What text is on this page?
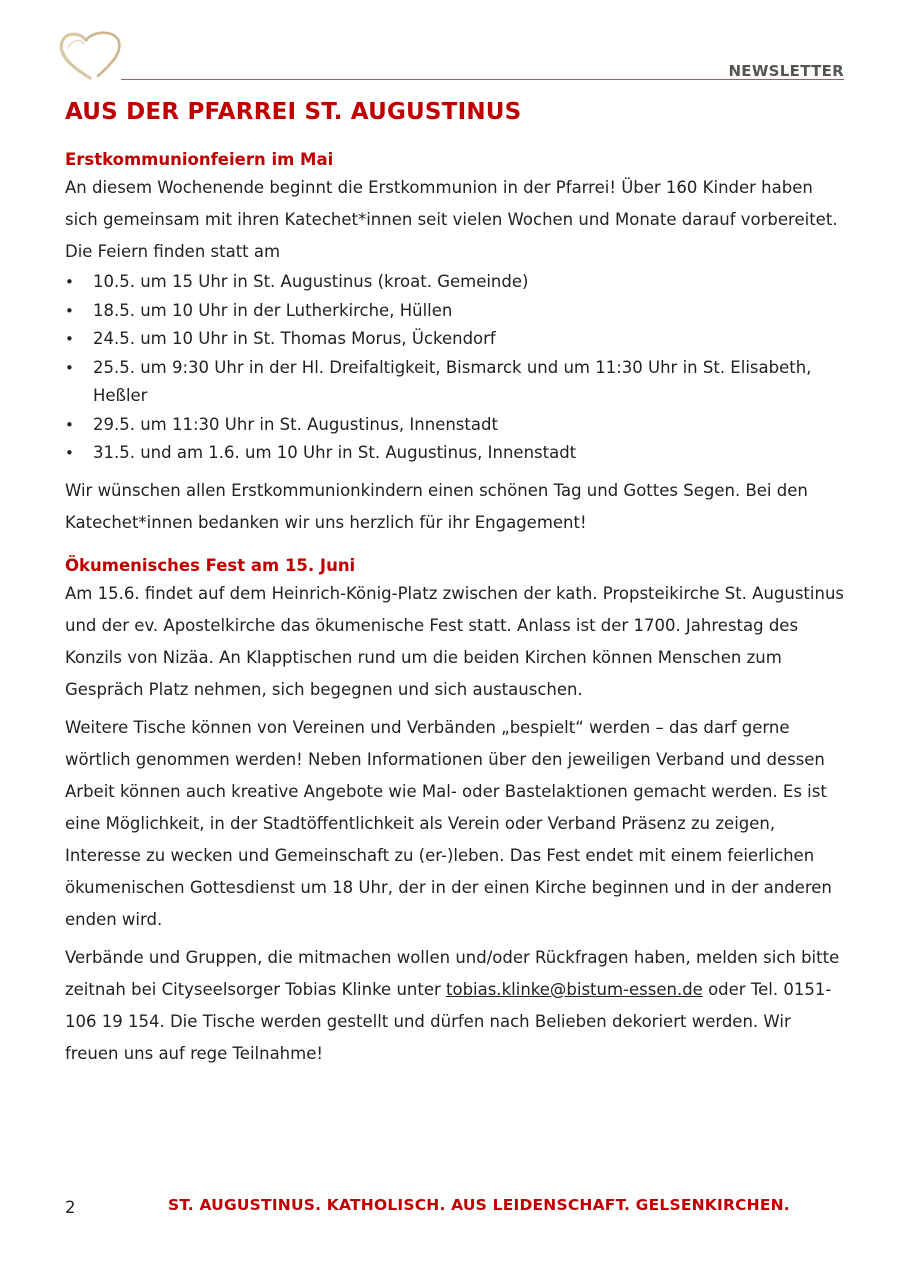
NEWSLETTER
AUS DER PFARREI ST. AUGUSTINUS
Erstkommunionfeiern im Mai

An diesem Wochenende beginnt die Erstkommunion in der Pfarrei! Über 160 Kinder haben sich gemeinsam mit ihren Katechet*innen seit vielen Wochen und Monate darauf vorbereitet. Die Feiern finden statt am

• 10.5. um 15 Uhr in St. Augustinus (kroat. Gemeinde)
• 18.5. um 10 Uhr in der Lutherkirche, Hüllen
• 24.5. um 10 Uhr in St. Thomas Morus, Ückendorf
• 25.5. um 9:30 Uhr in der Hl. Dreifaltigkeit, Bismarck und um 11:30 Uhr in St. Elisabeth, Heßler
• 29.5. um 11:30 Uhr in St. Augustinus, Innenstadt
• 31.5. und am 1.6. um 10 Uhr in St. Augustinus, Innenstadt

Wir wünschen allen Erstkommunionkindern einen schönen Tag und Gottes Segen. Bei den Katechet*innen bedanken wir uns herzlich für ihr Engagement!

Ökumenisches Fest am 15. Juni

Am 15.6. findet auf dem Heinrich-König-Platz zwischen der kath. Propsteikirche St. Augustinus und der ev. Apostelkirche das ökumenische Fest statt. Anlass ist der 1700. Jahrestag des Konzils von Nizäa. An Klapptischen rund um die beiden Kirchen können Menschen zum Gespräch Platz nehmen, sich begegnen und sich austauschen.

Weitere Tische können von Vereinen und Verbänden „bespielt“ werden – das darf gerne wörtlich genommen werden! Neben Informationen über den jeweiligen Verband und dessen Arbeit können auch kreative Angebote wie Mal- oder Bastelaktionen gemacht werden. Es ist eine Möglichkeit, in der Stadtöffentlichkeit als Verein oder Verband Präsenz zu zeigen, Interesse zu wecken und Gemeinschaft zu (er-)leben. Das Fest endet mit einem feierlichen ökumenischen Gottesdienst um 18 Uhr, der in der einen Kirche beginnen und in der anderen enden wird.

Verbände und Gruppen, die mitmachen wollen und/oder Rückfragen haben, melden sich bitte zeitnah bei Cityseelsorger Tobias Klinke unter tobias.klinke@bistum-essen.de oder Tel. 0151-106 19 154. Die Tische werden gestellt und dürfen nach Belieben dekoriert werden. Wir freuen uns auf rege Teilnahme!

2	ST. AUGUSTINUS. KATHOLISCH. AUS LEIDENSCHAFT. GELSENKIRCHEN.
